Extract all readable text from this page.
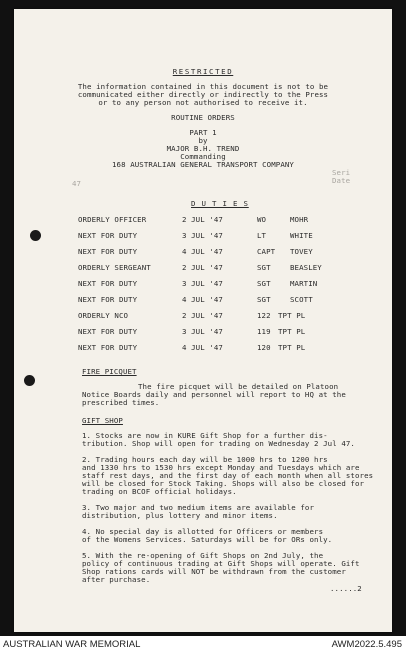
RESTRICTED
The information contained in this document is not to be
communicated either directly or indirectly to the Press
or to any person not authorised to receive it.
ROUTINE ORDERS
PART 1
by
MAJOR B.H. TREND
Commanding
168 AUSTRALIAN GENERAL TRANSPORT COMPANY
47
Seri
Date
D U T I E S
ORDERLY OFFICER	2 JUL '47	WO	MOHR
NEXT FOR DUTY	3 JUL '47	LT	WHITE
NEXT FOR DUTY	4 JUL '47	CAPT TOVEY
ORDERLY SERGEANT	2 JUL '47	SGT	BEASLEY
NEXT FOR DUTY	3 JUL '47	SGT	MARTIN
NEXT FOR DUTY	4 JUL '47	SGT	SCOTT
ORDERLY NCO	2 JUL '47	122 TPT PL
NEXT FOR DUTY	3 JUL '47	119 TPT PL
NEXT FOR DUTY	4 JUL '47	120 TPT PL
FIRE PICQUET
The fire picquet will be detailed on Platoon
Notice Boards daily and personnel will report to HQ at the
prescribed times.
GIFT SHOP
1. Stocks are now in KURE Gift Shop for a further dis-
tribution. Shop will open for trading on Wednesday 2 Jul 47.
2. Trading hours each day will be 1000 hrs to 1200 hrs
and 1330 hrs to 1530 hrs except Monday and Tuesdays which are
staff rest days, and the first day of each month when all stores
will be closed for Stock Taking. Shops will also be closed for
trading on BCOF official holidays.
3. Two major and two medium items are available for
distribution, plus lottery and minor items.
4. No special day is allotted for Officers or members
of the Womens Services. Saturdays will be for ORs only.
5. With the re-opening of Gift Shops on 2nd July, the
policy of continuous trading at Gift Shops will operate. Gift
Shop rations cards will NOT be withdrawn from the customer
after purchase.
......2
AUSTRALIAN WAR MEMORIAL	AWM2022.5.495
